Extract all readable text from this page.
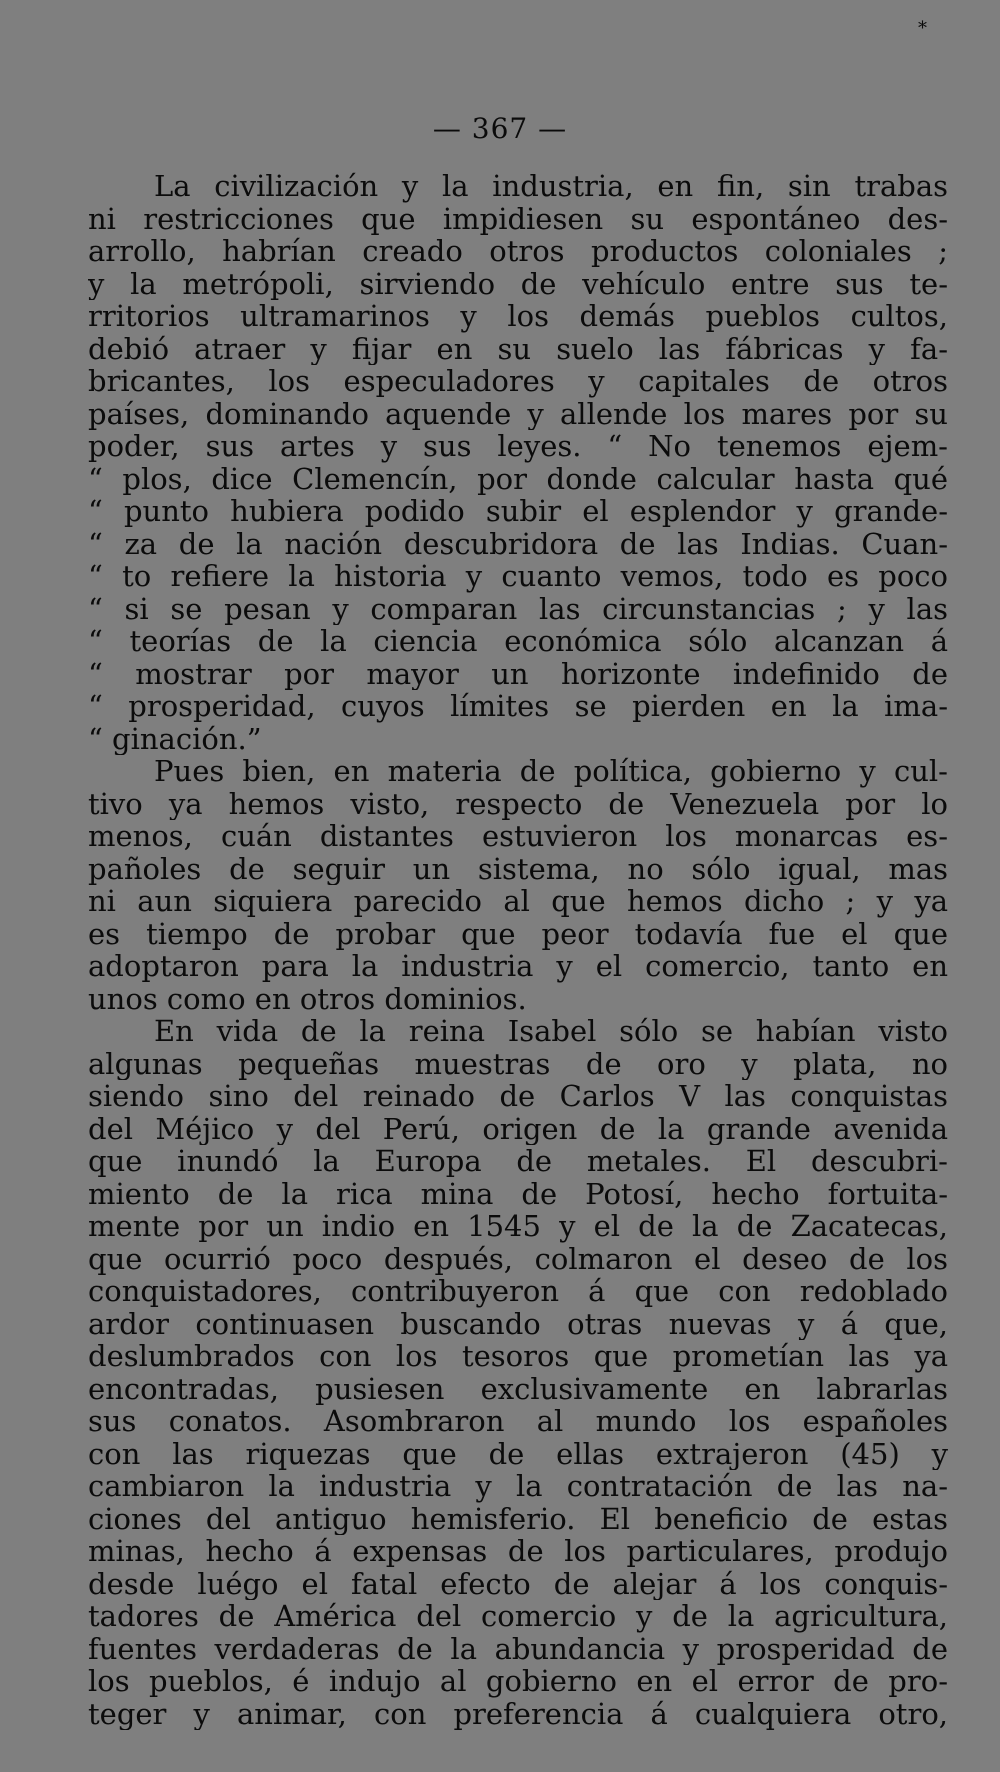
⁎
— 367 —
La civilización y la industria, en fin, sin trabas
ni restricciones que impidiesen su espontáneo des-
arrollo, habrían creado otros productos coloniales ;
y la metrópoli, sirviendo de vehículo entre sus te-
rritorios ultramarinos y los demás pueblos cultos,
debió atraer y fijar en su suelo las fábricas y fa-
bricantes, los especuladores y capitales de otros
países, dominando aquende y allende los mares por su
poder, sus artes y sus leyes. “ No tenemos ejem-
“ plos, dice Clemencín, por donde calcular hasta qué
“ punto hubiera podido subir el esplendor y grande-
“ za de la nación descubridora de las Indias. Cuan-
“ to refiere la historia y cuanto vemos, todo es poco
“ si se pesan y comparan las circunstancias ; y las
“ teorías de la ciencia económica sólo alcanzan á
“ mostrar por mayor un horizonte indefinido de
“ prosperidad, cuyos límites se pierden en la ima-
“ ginación.”
Pues bien, en materia de política, gobierno y cul-
tivo ya hemos visto, respecto de Venezuela por lo
menos, cuán distantes estuvieron los monarcas es-
pañoles de seguir un sistema, no sólo igual, mas
ni aun siquiera parecido al que hemos dicho ; y ya
es tiempo de probar que peor todavía fue el que
adoptaron para la industria y el comercio, tanto en
unos como en otros dominios.
En vida de la reina Isabel sólo se habían visto
algunas pequeñas muestras de oro y plata, no
siendo sino del reinado de Carlos V las conquistas
del Méjico y del Perú, origen de la grande avenida
que inundó la Europa de metales. El descubri-
miento de la rica mina de Potosí, hecho fortuita-
mente por un indio en 1545 y el de la de Zacatecas,
que ocurrió poco después, colmaron el deseo de los
conquistadores, contribuyeron á que con redoblado
ardor continuasen buscando otras nuevas y á que,
deslumbrados con los tesoros que prometían las ya
encontradas, pusiesen exclusivamente en labrarlas
sus conatos. Asombraron al mundo los españoles
con las riquezas que de ellas extrajeron (45) y
cambiaron la industria y la contratación de las na-
ciones del antiguo hemisferio. El beneficio de estas
minas, hecho á expensas de los particulares, produjo
desde luégo el fatal efecto de alejar á los conquis-
tadores de América del comercio y de la agricultura,
fuentes verdaderas de la abundancia y prosperidad de
los pueblos, é indujo al gobierno en el error de pro-
teger y animar, con preferencia á cualquiera otro,
